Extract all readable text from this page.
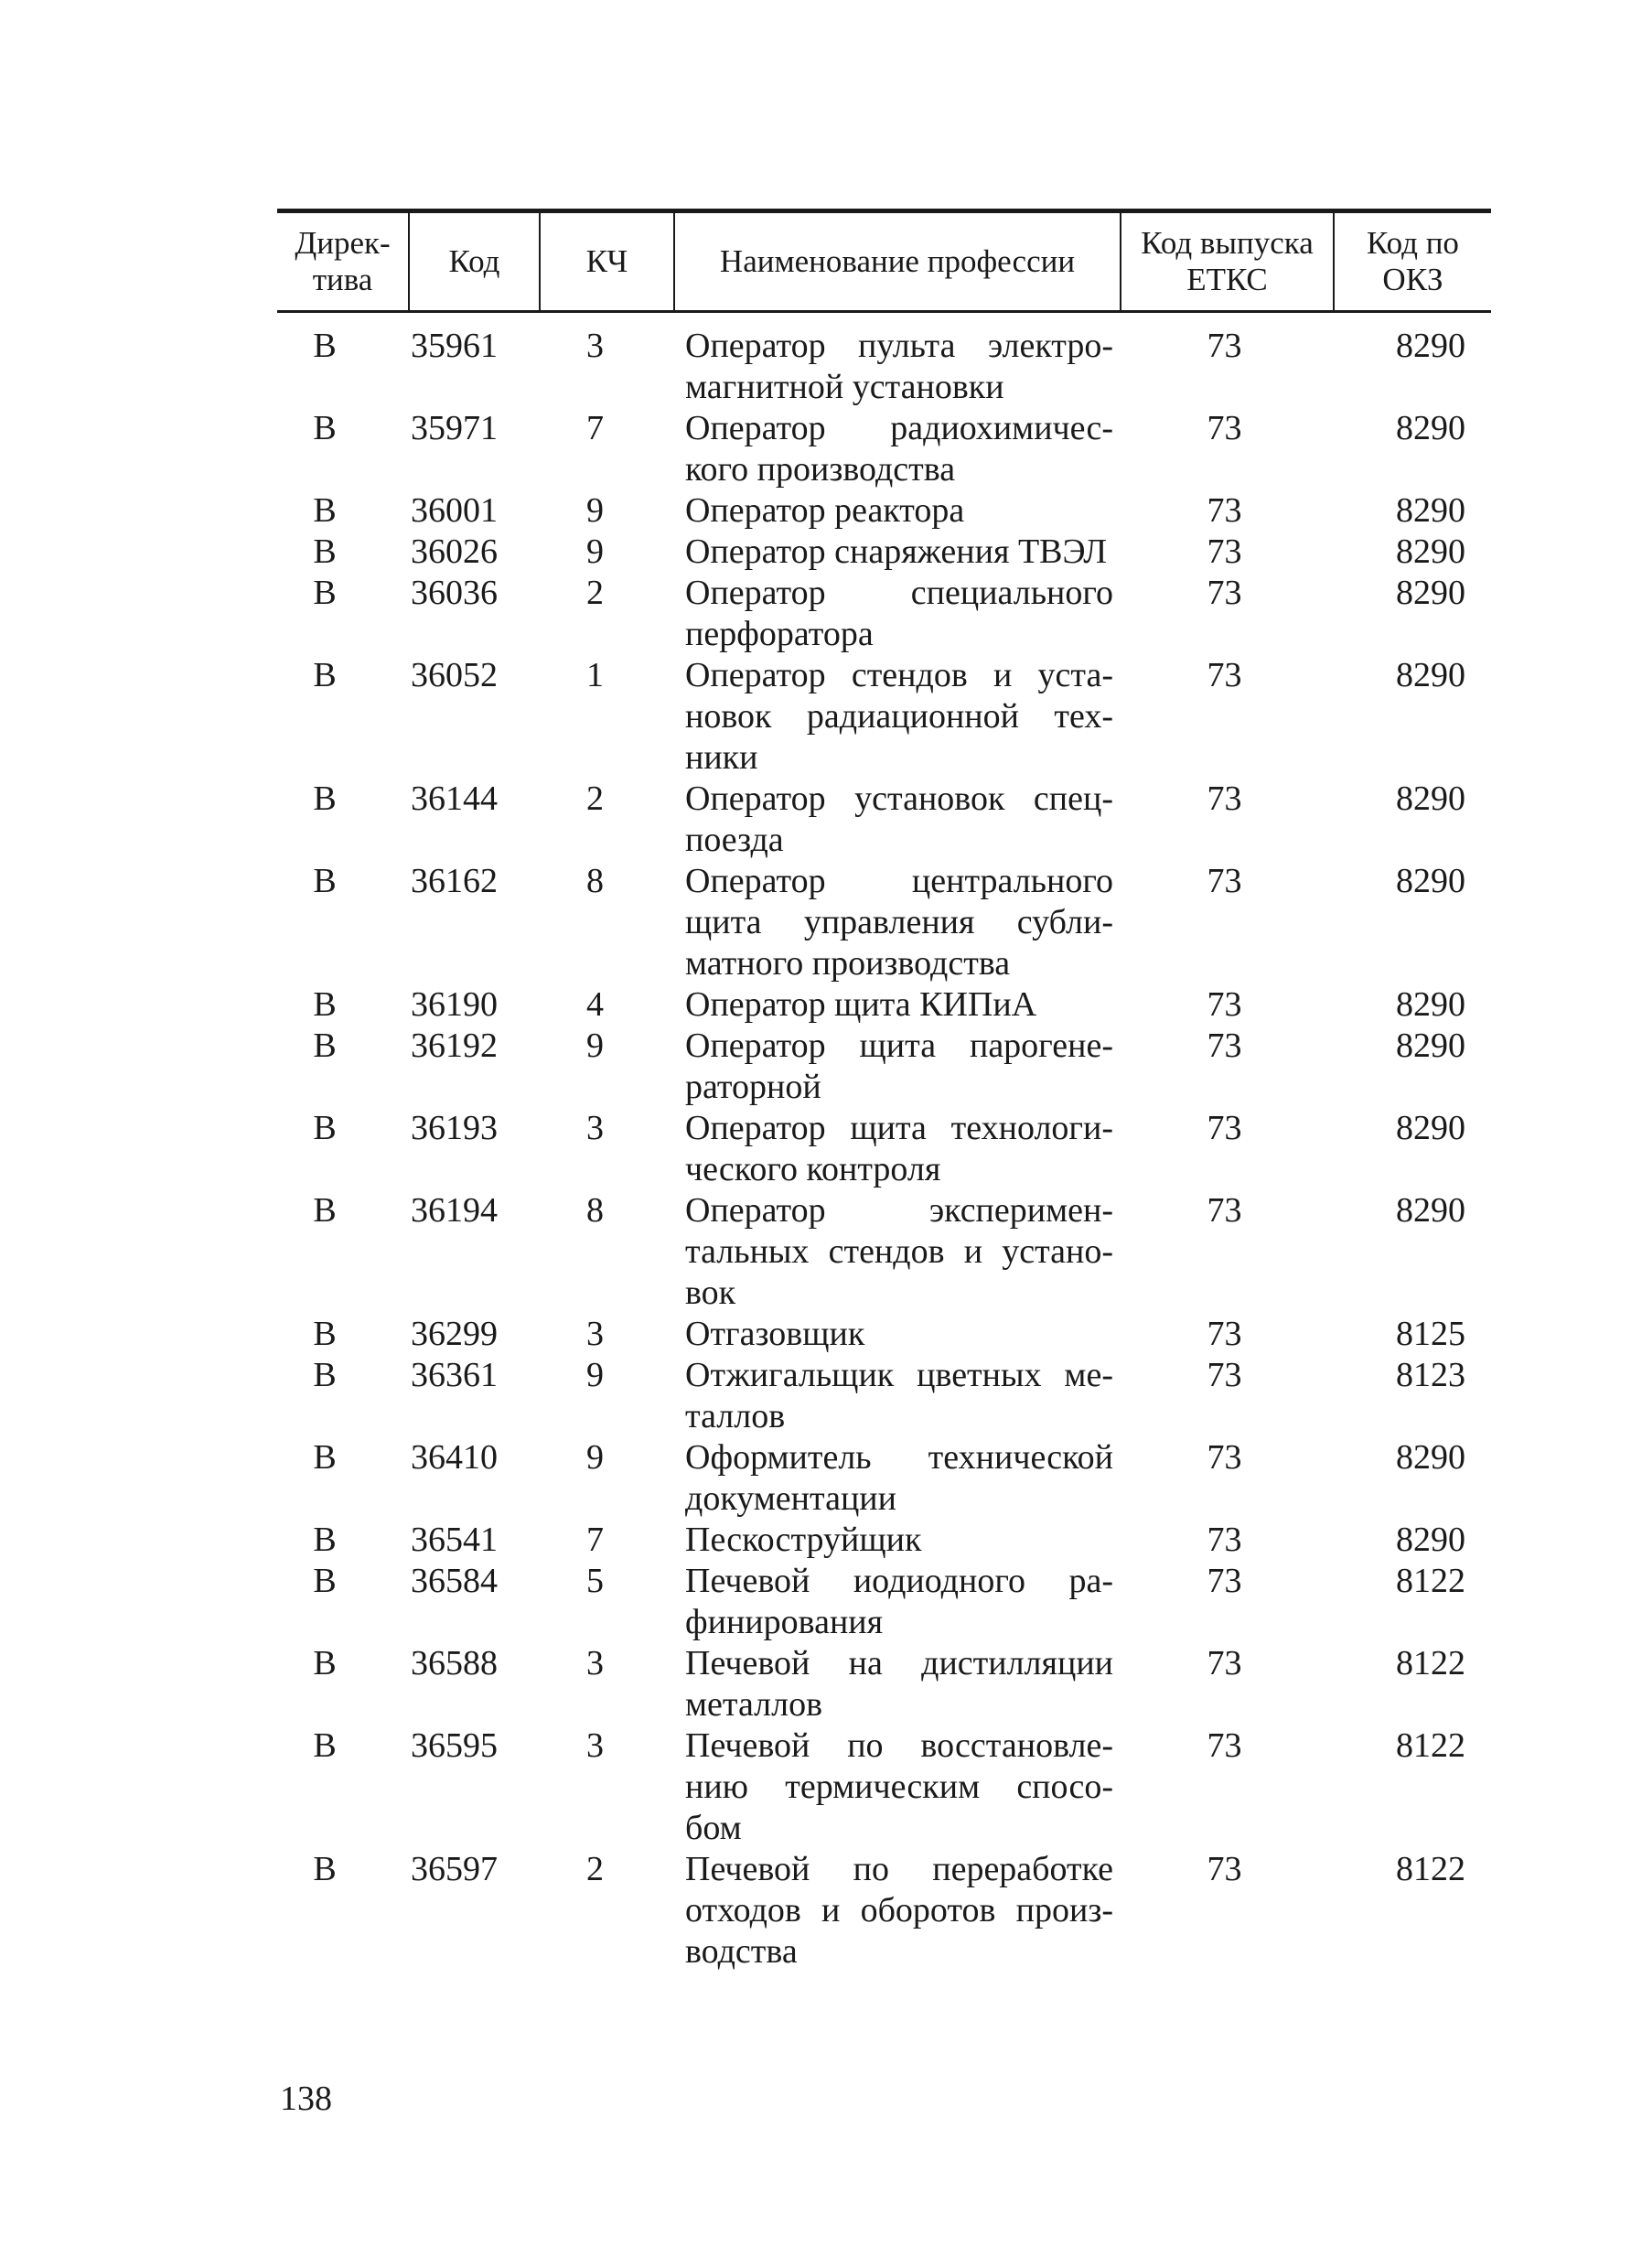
Дирек- тива	Код	КЧ	Наименование профессии	Код выпуска ЕТКС	Код по ОКЗ
В	35961	3	Оператор пульта электро- магнитной установки	73	8290
В	35971	7	Оператор радиохимичес- кого производства	73	8290
В	36001	9	Оператор реактора	73	8290
В	36026	9	Оператор снаряжения ТВЭЛ	73	8290
В	36036	2	Оператор специального перфоратора	73	8290
В	36052	1	Оператор стендов и уста- новок радиационной тех- ники	73	8290
В	36144	2	Оператор установок спец- поезда	73	8290
В	36162	8	Оператор центрального щита управления субли- матного производства	73	8290
В	36190	4	Оператор щита КИПиА	73	8290
В	36192	9	Оператор щита парогене- раторной	73	8290
В	36193	3	Оператор щита технологи- ческого контроля	73	8290
В	36194	8	Оператор эксперимен- тальных стендов и устано- вок	73	8290
В	36299	3	Отгазовщик	73	8125
В	36361	9	Отжигальщик цветных ме- таллов	73	8123
В	36410	9	Оформитель технической документации	73	8290
В	36541	7	Пескоструйщик	73	8290
В	36584	5	Печевой иодиодного ра- финирования	73	8122
В	36588	3	Печевой на дистилляции металлов	73	8122
В	36595	3	Печевой по восстановле- нию термическим спосо- бом	73	8122
В	36597	2	Печевой по переработке отходов и оборотов произ- водства	73	8122
138
